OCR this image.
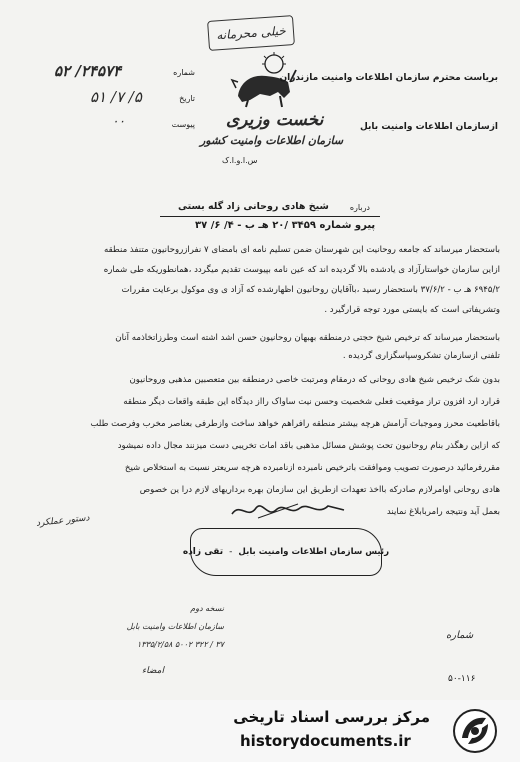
خیلی محرمانه
شماره
تاریخ
پیوست
۲۴۵۷۴/ ۵۲
۵/ ۷/ ۵۱
۰۰
بریاست محترم سازمان اطلاعات وامنیت مازندران
ازسازمان اطلاعات وامنیت بابل
نخست وزیری
سازمان اطلاعات وامنیت کشور
س.ا.و.ا.ک
درباره
شیخ هادی روحانی زاد گله بستی
پیرو شماره ۳۴۵۹ /۲۰ هـ ب - ۴/ ۶/ ۳۷
باستحضار میرساند که جامعه روحانیت این شهرستان ضمن تسلیم نامه ای بامضای ۷ نفرازروحانیون متنفذ منطقه
ازاین سازمان خواستارآزاد ی یادشده بالا گردیده اند که عین نامه بپیوست تقدیم میگردد ،همانطوریکه طی شماره
۶۹۴۵/۲ هـ ب - ۳۷/۶/۲ باستحضار رسید ،باآقایان روحانیون اظهارشده که آزاد ی وی موکول برعایت مقررات
وتشریفاتی است که بایستی مورد توجه قرارگیرد .
باستحضار میرساند که ترخیص شیخ حجتی درمنطقه بهبهان روحانیون حسن اشد اشته است وطرزاتخاذمه آنان
تلفنی ازسازمان تشکروسپاسگزاری گردیده .
بدون شک ترخیص شیخ هادی روحانی که درمقام ومرتبت خاصی درمنطقه بین متعصبین مذهبی وروحانیون
قرارد ارد افزون تراز موقعیت فعلی شخصیت وحسن نیت ساواک رااز دیدگاه این طبقه واقعات دیگر منطقه
باقاطعیت محرز وموجبات آرامش هرچه بیشتر منطقه رافراهم خواهد ساخت وازطرفی بعناصر مخرب وفرصت طلب
که ازاین رهگذر بنام روحانیون تحت پوشش مسائل مذهبی باقد امات تخریبی دست میزنند مجال داده نمیشود
مقررفرمائید درصورت تصویب وموافقت باترخیص نامبرده ازنامبرده هرچه سریعتر نسبت به استخلاص شیخ
هادی روحانی اوامرلازم صادرکه بااخذ تعهدات ازطریق این سازمان بهره برداریهای لازم درا ین خصوص
بعمل آید ونتیجه رامربابلاغ نمایند
دستور عملکرد
رئیس سازمان اطلاعات وامنیت بابل
-
تقی زاده
شماره
نسخه دوم
سازمان اطلاعات وامنیت بابل
۱۳۳۵/۲/۵۸ ۵۰۰۲ ۳۲۲ / ۳۷
امضاء
۵۰-۱۱۶
مرکز بررسی اسناد تاریخی
historydocuments.ir
